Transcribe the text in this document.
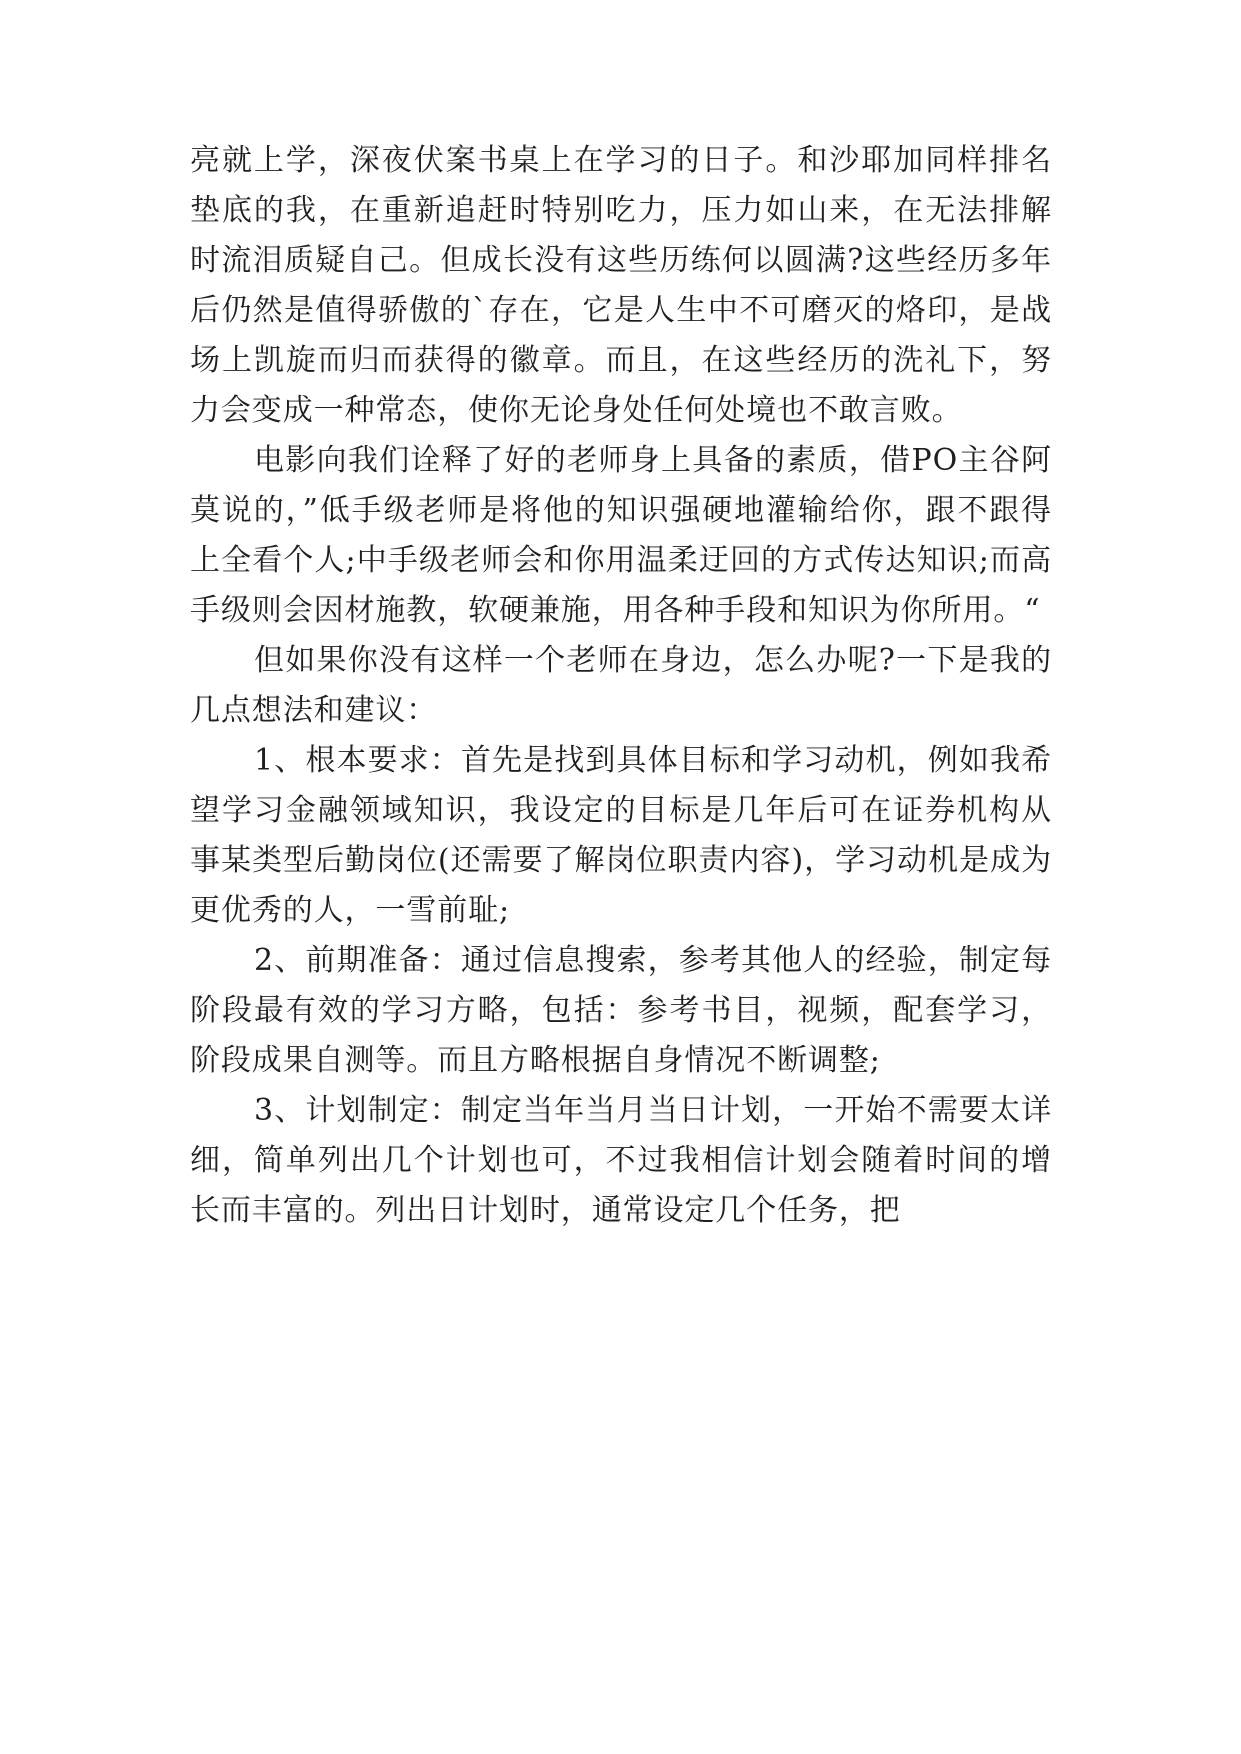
亮就上学，深夜伏案书桌上在学习的日子。和沙耶加同样排名垫底的我，在重新追赶时特别吃力，压力如山来，在无法排解时流泪质疑自己。但成长没有这些历练何以圆满?这些经历多年后仍然是值得骄傲的`存在，它是人生中不可磨灭的烙印，是战场上凯旋而归而获得的徽章。而且，在这些经历的洗礼下，努力会变成一种常态，使你无论身处任何处境也不敢言败。

电影向我们诠释了好的老师身上具备的素质，借PO主谷阿莫说的，”低手级老师是将他的知识强硬地灌输给你，跟不跟得上全看个人;中手级老师会和你用温柔迂回的方式传达知识;而高手级则会因材施教，软硬兼施，用各种手段和知识为你所用。“

但如果你没有这样一个老师在身边，怎么办呢?一下是我的几点想法和建议：

1、根本要求：首先是找到具体目标和学习动机，例如我希望学习金融领域知识，我设定的目标是几年后可在证券机构从事某类型后勤岗位(还需要了解岗位职责内容)，学习动机是成为更优秀的人，一雪前耻;

2、前期准备：通过信息搜索，参考其他人的经验，制定每阶段最有效的学习方略，包括：参考书目，视频，配套学习，阶段成果自测等。而且方略根据自身情况不断调整;

3、计划制定：制定当年当月当日计划，一开始不需要太详细，简单列出几个计划也可，不过我相信计划会随着时间的增长而丰富的。列出日计划时，通常设定几个任务，把
